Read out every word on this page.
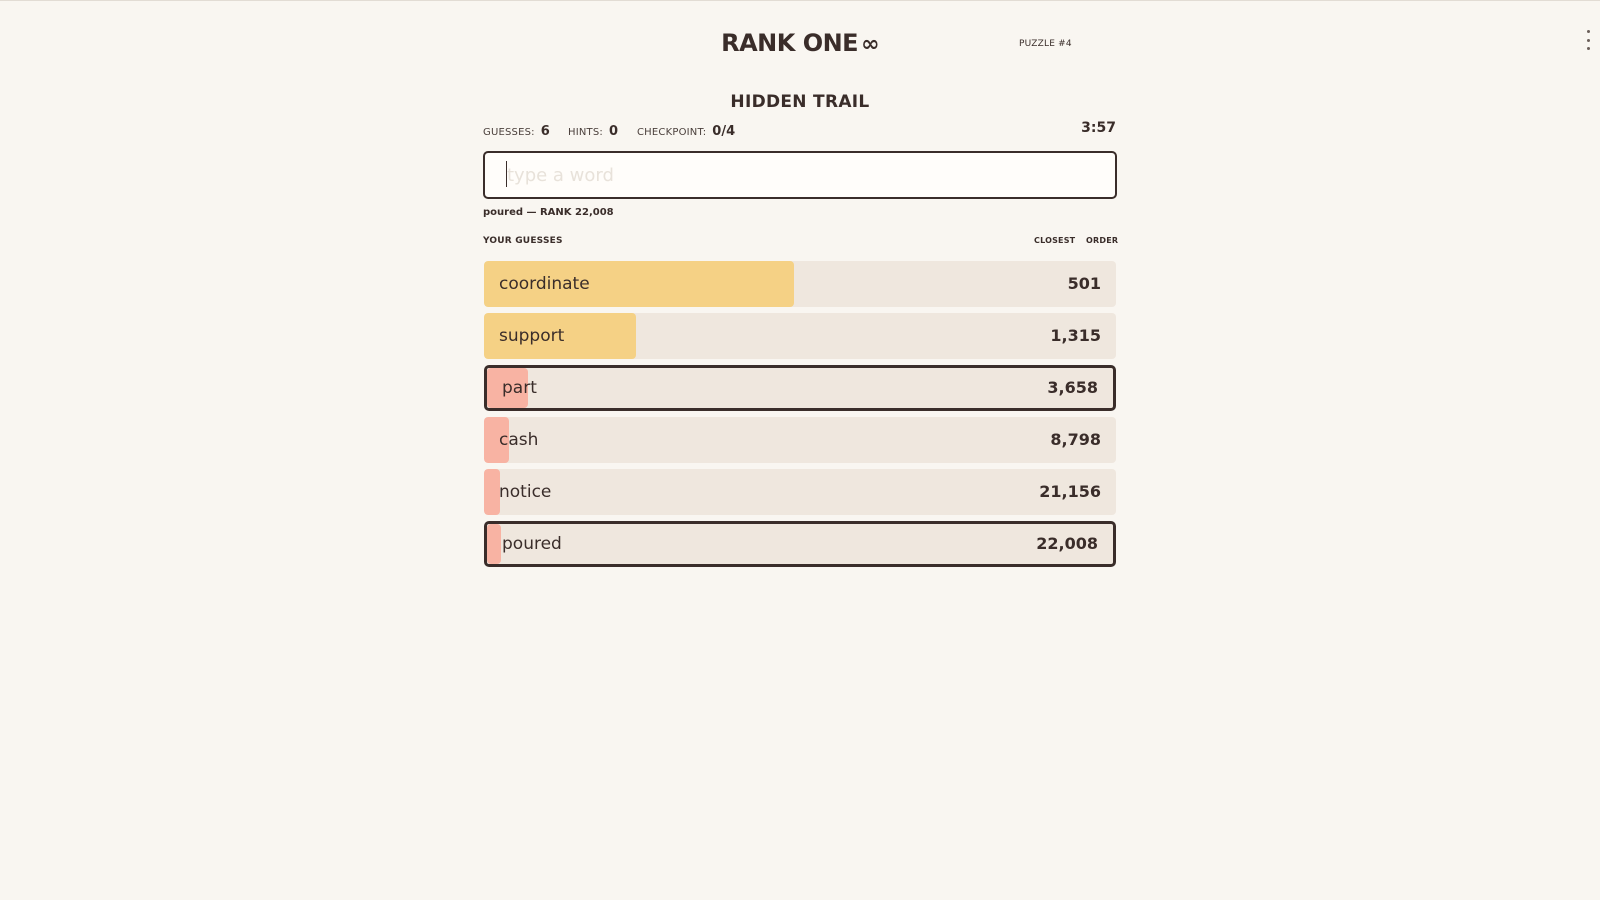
RANK ONE ∞	PUZZLE #4
HIDDEN TRAIL
GUESSES: 6 HINTS: 0 CHECKPOINT: 0/4	3:57
type a word
poured — RANK 22,008
YOUR GUESSES	CLOSEST ORDER
coordinate	501
support	1,315
part	3,658
cash	8,798
notice	21,156
poured	22,008
